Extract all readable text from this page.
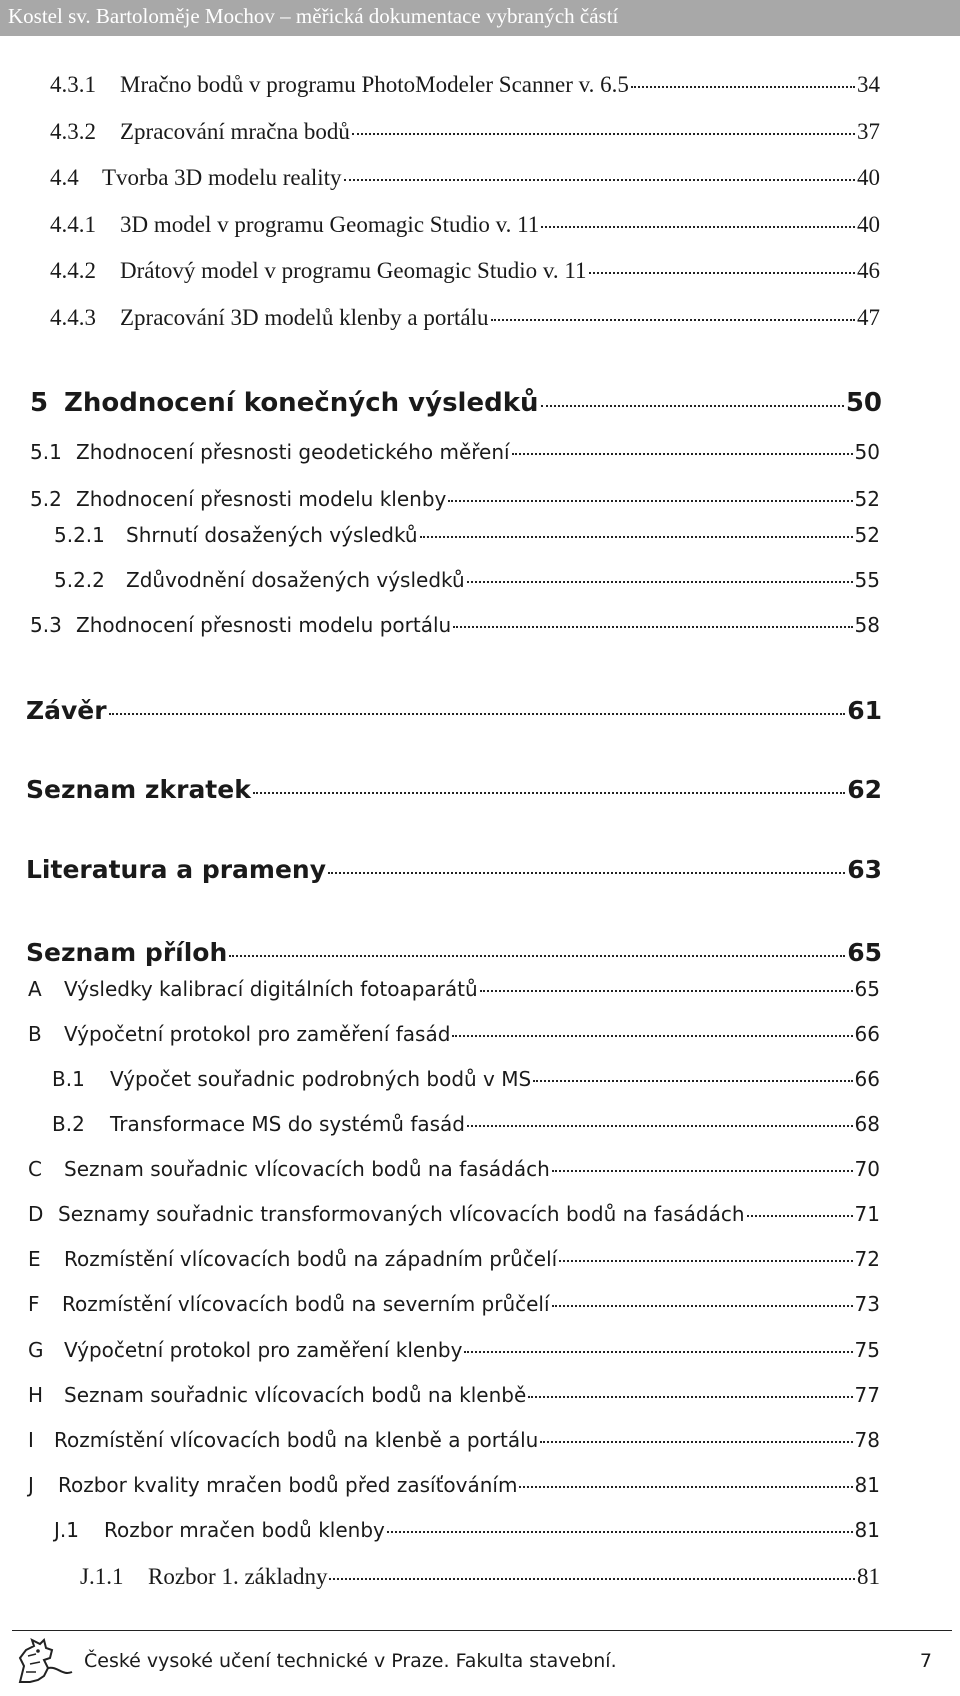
Kostel sv. Bartoloměje Mochov – měřická dokumentace vybraných částí
4.3.1	Mračno bodů v programu PhotoModeler Scanner v. 6.5	34
4.3.2	Zpracování mračna bodů	37
4.4	Tvorba 3D modelu reality	40
4.4.1	3D model v programu Geomagic Studio v. 11	40
4.4.2	Drátový model v programu Geomagic Studio v. 11	46
4.4.3	Zpracování 3D modelů klenby a portálu	47
5 Zhodnocení konečných výsledků	50
5.1 Zhodnocení přesnosti geodetického měření	50
5.2 Zhodnocení přesnosti modelu klenby	52
5.2.1	Shrnutí dosažených výsledků	52
5.2.2	Zdůvodnění dosažených výsledků	55
5.3 Zhodnocení přesnosti modelu portálu	58
Závěr	61
Seznam zkratek	62
Literatura a prameny	63
Seznam příloh	65
A	Výsledky kalibrací digitálních fotoaparátů	65
B	Výpočetní protokol pro zaměření fasád	66
B.1	Výpočet souřadnic podrobných bodů v MS	66
B.2	Transformace MS do systémů fasád	68
C	Seznam souřadnic vlícovacích bodů na fasádách	70
D Seznamy souřadnic transformovaných vlícovacích bodů na fasádách	71
E	Rozmístění vlícovacích bodů na západním průčelí	72
F	Rozmístění vlícovacích bodů na severním průčelí	73
G	Výpočetní protokol pro zaměření klenby	75
H	Seznam souřadnic vlícovacích bodů na klenbě	77
I	Rozmístění vlícovacích bodů na klenbě a portálu	78
J	Rozbor kvality mračen bodů před zasíťováním	81
J.1	Rozbor mračen bodů klenby	81
J.1.1	Rozbor 1. základny	81
České vysoké učení technické v Praze. Fakulta stavební.	7
